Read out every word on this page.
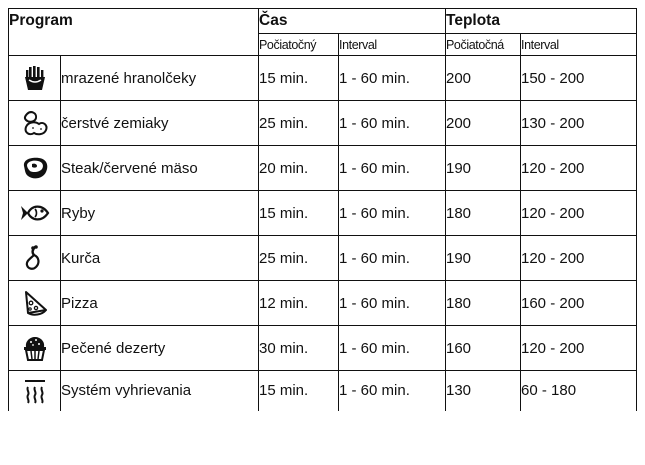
Program		Čas		Teplota	
		Počiatočný	Interval	Počiatočná	Interval

	mrazené hranolčeky	15 min.	1 - 60 min.	200	150 - 200

	čerstvé zemiaky	25 min.	1 - 60 min.	200	130 - 200

	Steak/červené mäso	20 min.	1 - 60 min.	190	120 - 200

	Ryby	15 min.	1 - 60 min.	180	120 - 200

	Kurča	25 min.	1 - 60 min.	190	120 - 200

	Pizza	12 min.	1 - 60 min.	180	160 - 200

	Pečené dezerty	30 min.	1 - 60 min.	160	120 - 200

	Systém vyhrievania	15 min.	1 - 60 min.	130	60 - 180
